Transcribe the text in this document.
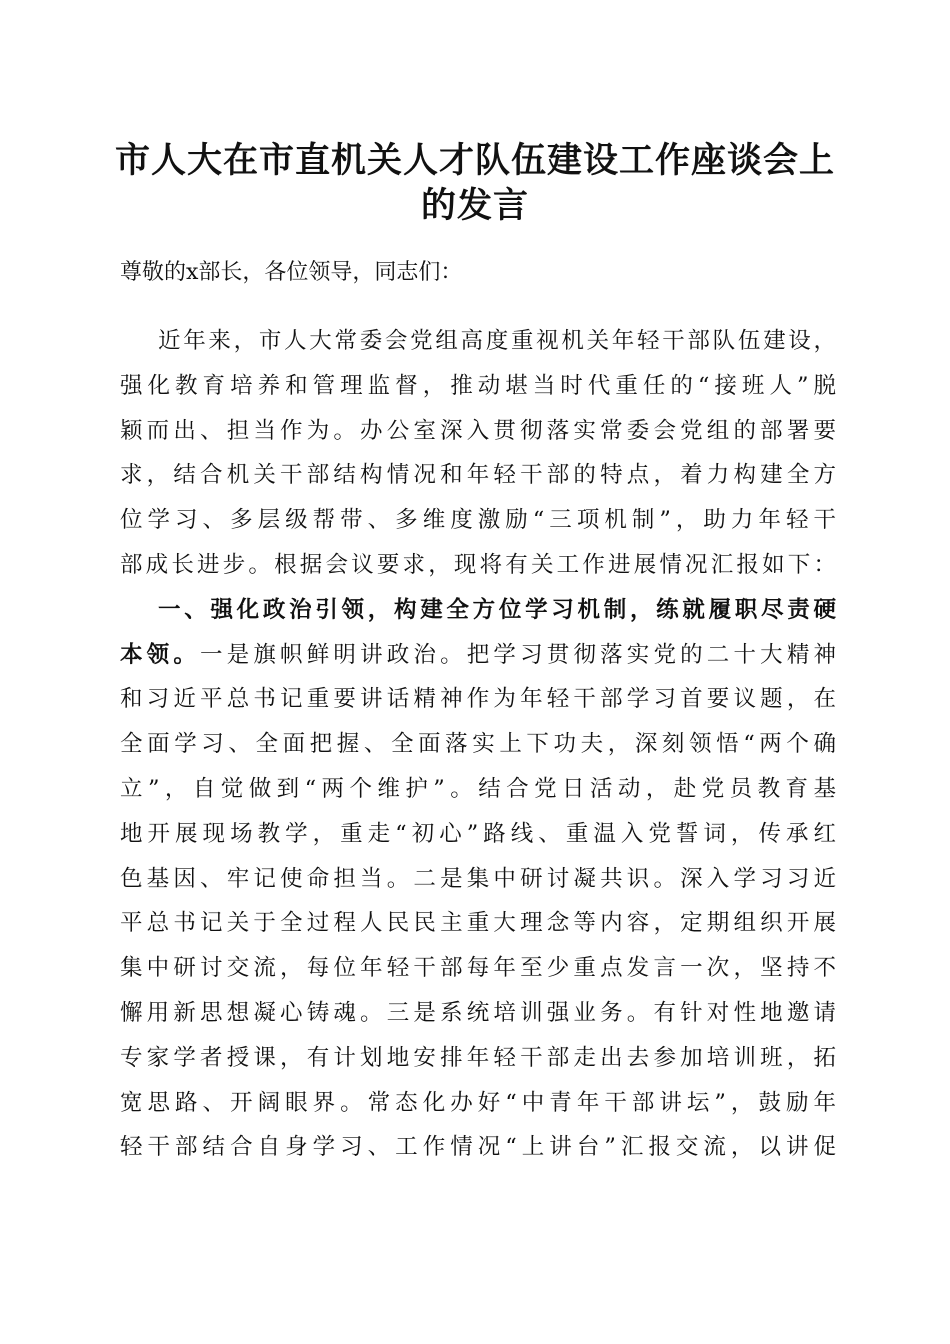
市人大在市直机关人才队伍建设工作座谈会上
的发言
尊敬的x部长，各位领导，同志们：
近年来，市人大常委会党组高度重视机关年轻干部队伍建设，
强化教育培养和管理监督，推动堪当时代重任的“接班人”脱
颖而出、担当作为。办公室深入贯彻落实常委会党组的部署要
求，结合机关干部结构情况和年轻干部的特点，着力构建全方
位学习、多层级帮带、多维度激励“三项机制”，助力年轻干
部成长进步。根据会议要求，现将有关工作进展情况汇报如下：
一、强化政治引领，构建全方位学习机制，练就履职尽责硬
本领。一是旗帜鲜明讲政治。把学习贯彻落实党的二十大精神
和习近平总书记重要讲话精神作为年轻干部学习首要议题，在
全面学习、全面把握、全面落实上下功夫，深刻领悟“两个确
立”，自觉做到“两个维护”。结合党日活动，赴党员教育基
地开展现场教学，重走“初心”路线、重温入党誓词，传承红
色基因、牢记使命担当。二是集中研讨凝共识。深入学习习近
平总书记关于全过程人民民主重大理念等内容，定期组织开展
集中研讨交流，每位年轻干部每年至少重点发言一次，坚持不
懈用新思想凝心铸魂。三是系统培训强业务。有针对性地邀请
专家学者授课，有计划地安排年轻干部走出去参加培训班，拓
宽思路、开阔眼界。常态化办好“中青年干部讲坛”，鼓励年
轻干部结合自身学习、工作情况“上讲台”汇报交流，以讲促
